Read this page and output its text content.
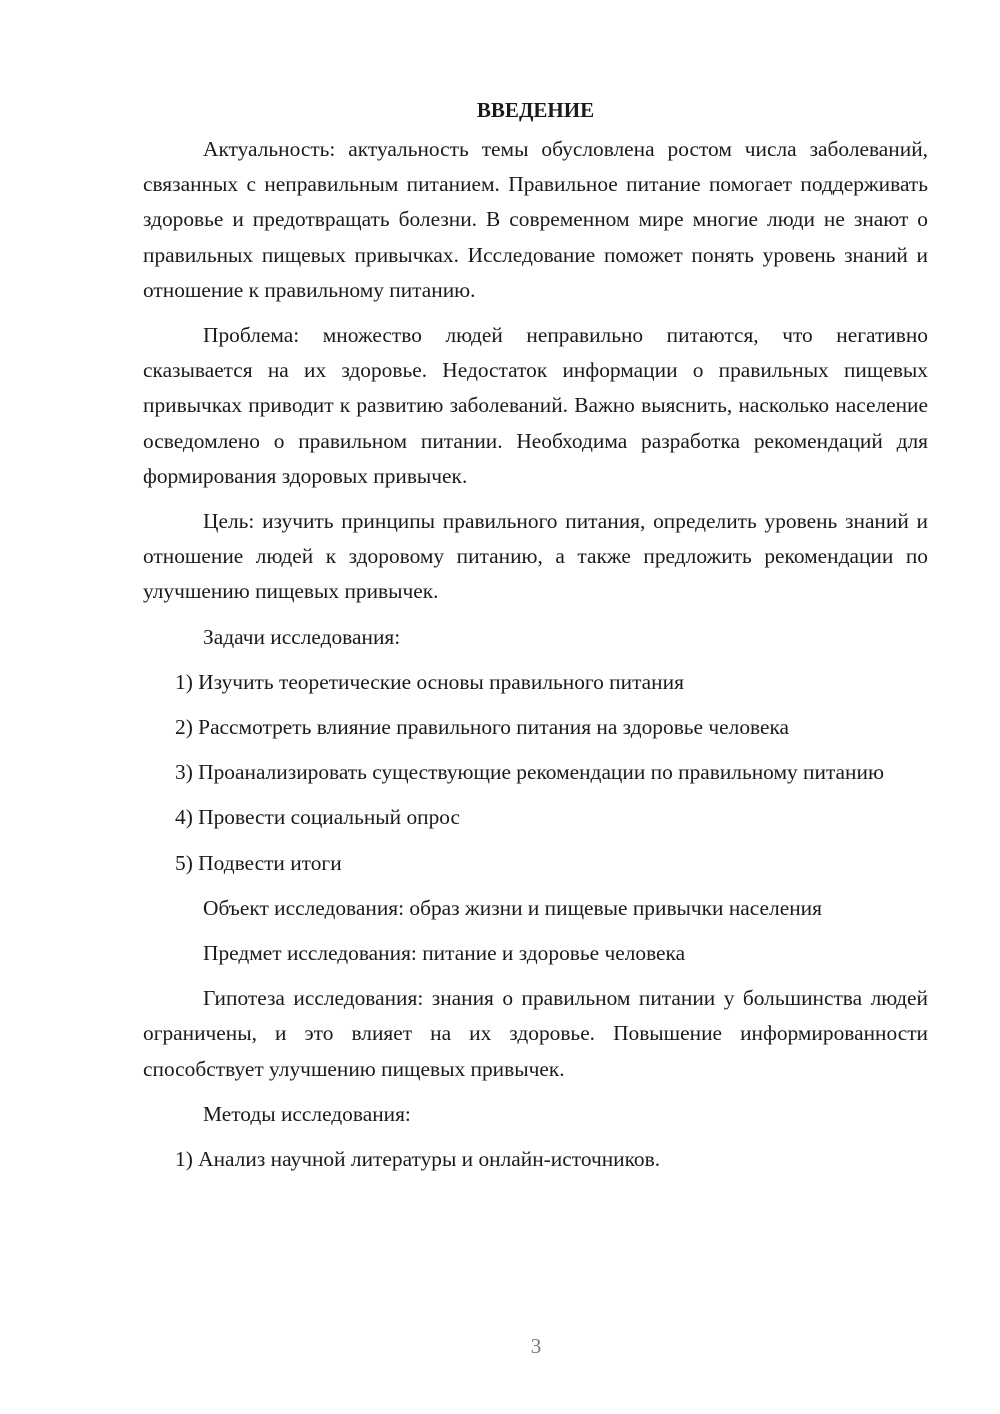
ВВЕДЕНИЕ

Актуальность: актуальность темы обусловлена ростом числа заболеваний, связанных с неправильным питанием. Правильное питание помогает поддерживать здоровье и предотвращать болезни. В современном мире многие люди не знают о правильных пищевых привычках. Исследование поможет понять уровень знаний и отношение к правильному питанию.

Проблема: множество людей неправильно питаются, что негативно сказывается на их здоровье. Недостаток информации о правильных пищевых привычках приводит к развитию заболеваний. Важно выяснить, насколько население осведомлено о правильном питании. Необходима разработка рекомендаций для формирования здоровых привычек.

Цель: изучить принципы правильного питания, определить уровень знаний и отношение людей к здоровому питанию, а также предложить рекомендации по улучшению пищевых привычек.

Задачи исследования:

1) Изучить теоретические основы правильного питания

2) Рассмотреть влияние правильного питания на здоровье человека

3) Проанализировать существующие рекомендации по правильному питанию

4) Провести социальный опрос

5) Подвести итоги

Объект исследования: образ жизни и пищевые привычки населения

Предмет исследования: питание и здоровье человека

Гипотеза исследования: знания о правильном питании у большинства людей ограничены, и это влияет на их здоровье. Повышение информированности способствует улучшению пищевых привычек.

Методы исследования:

1) Анализ научной литературы и онлайн-источников.

3
